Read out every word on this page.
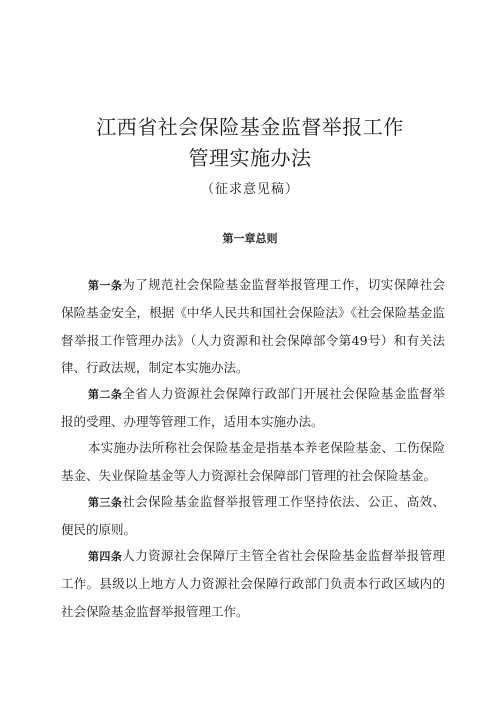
江西省社会保险基金监督举报工作
管理实施办法
（征求意见稿）
第一章总则

第一条为了规范社会保险基金监督举报管理工作，切实保障社会保险基金安全，根据《中华人民共和国社会保险法》《社会保险基金监督举报工作管理办法》（人力资源和社会保障部令第49号）和有关法律、行政法规，制定本实施办法。

第二条全省人力资源社会保障行政部门开展社会保险基金监督举报的受理、办理等管理工作，适用本实施办法。

本实施办法所称社会保险基金是指基本养老保险基金、工伤保险基金、失业保险基金等人力资源社会保障部门管理的社会保险基金。

第三条社会保险基金监督举报管理工作坚持依法、公正、高效、便民的原则。

第四条人力资源社会保障厅主管全省社会保险基金监督举报管理工作。县级以上地方人力资源社会保障行政部门负责本行政区域内的社会保险基金监督举报管理工作。
